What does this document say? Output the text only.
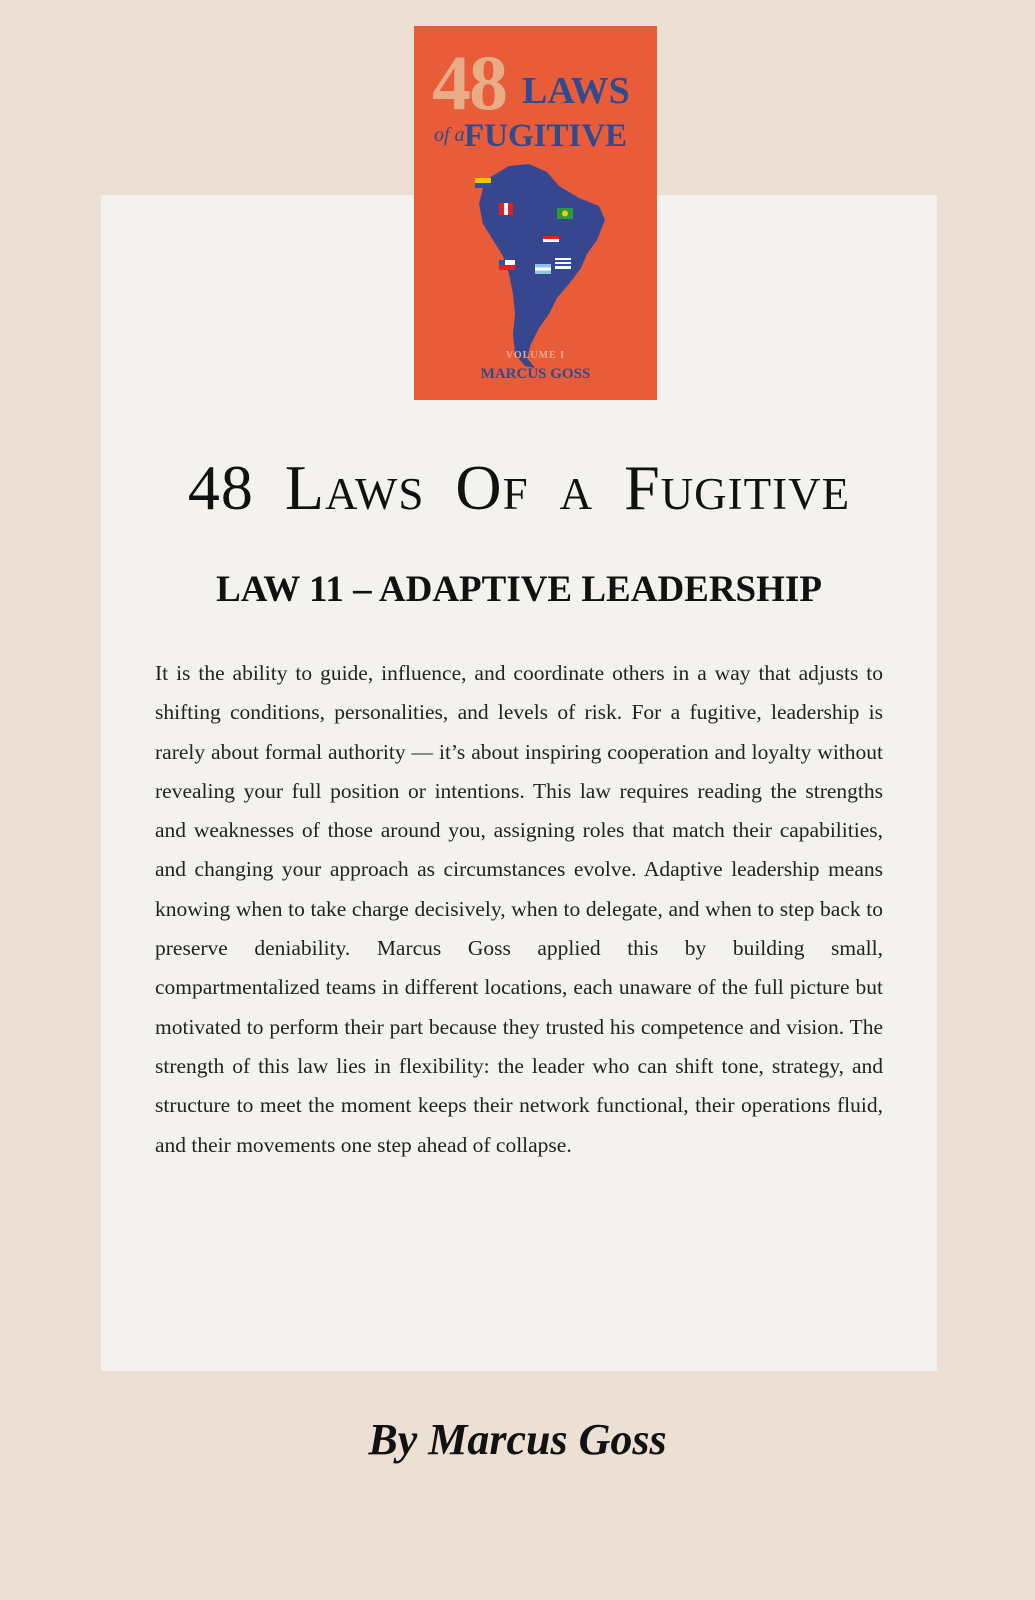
48 LAWS
of a FUGITIVE
VOLUME I
MARCUS GOSS
48 Laws Of a Fugitive
LAW 11 – ADAPTIVE LEADERSHIP

It is the ability to guide, influence, and coordinate others in a way that adjusts to shifting conditions, personalities, and levels of risk. For a fugitive, leadership is rarely about formal authority — it’s about inspiring cooperation and loyalty without revealing your full position or intentions. This law requires reading the strengths and weaknesses of those around you, assigning roles that match their capabilities, and changing your approach as circumstances evolve. Adaptive leadership means knowing when to take charge decisively, when to delegate, and when to step back to preserve deniability. Marcus Goss applied this by building small, compartmentalized teams in different locations, each unaware of the full picture but motivated to perform their part because they trusted his competence and vision. The strength of this law lies in flexibility: the leader who can shift tone, strategy, and structure to meet the moment keeps their network functional, their operations fluid, and their movements one step ahead of collapse.

By Marcus Goss
